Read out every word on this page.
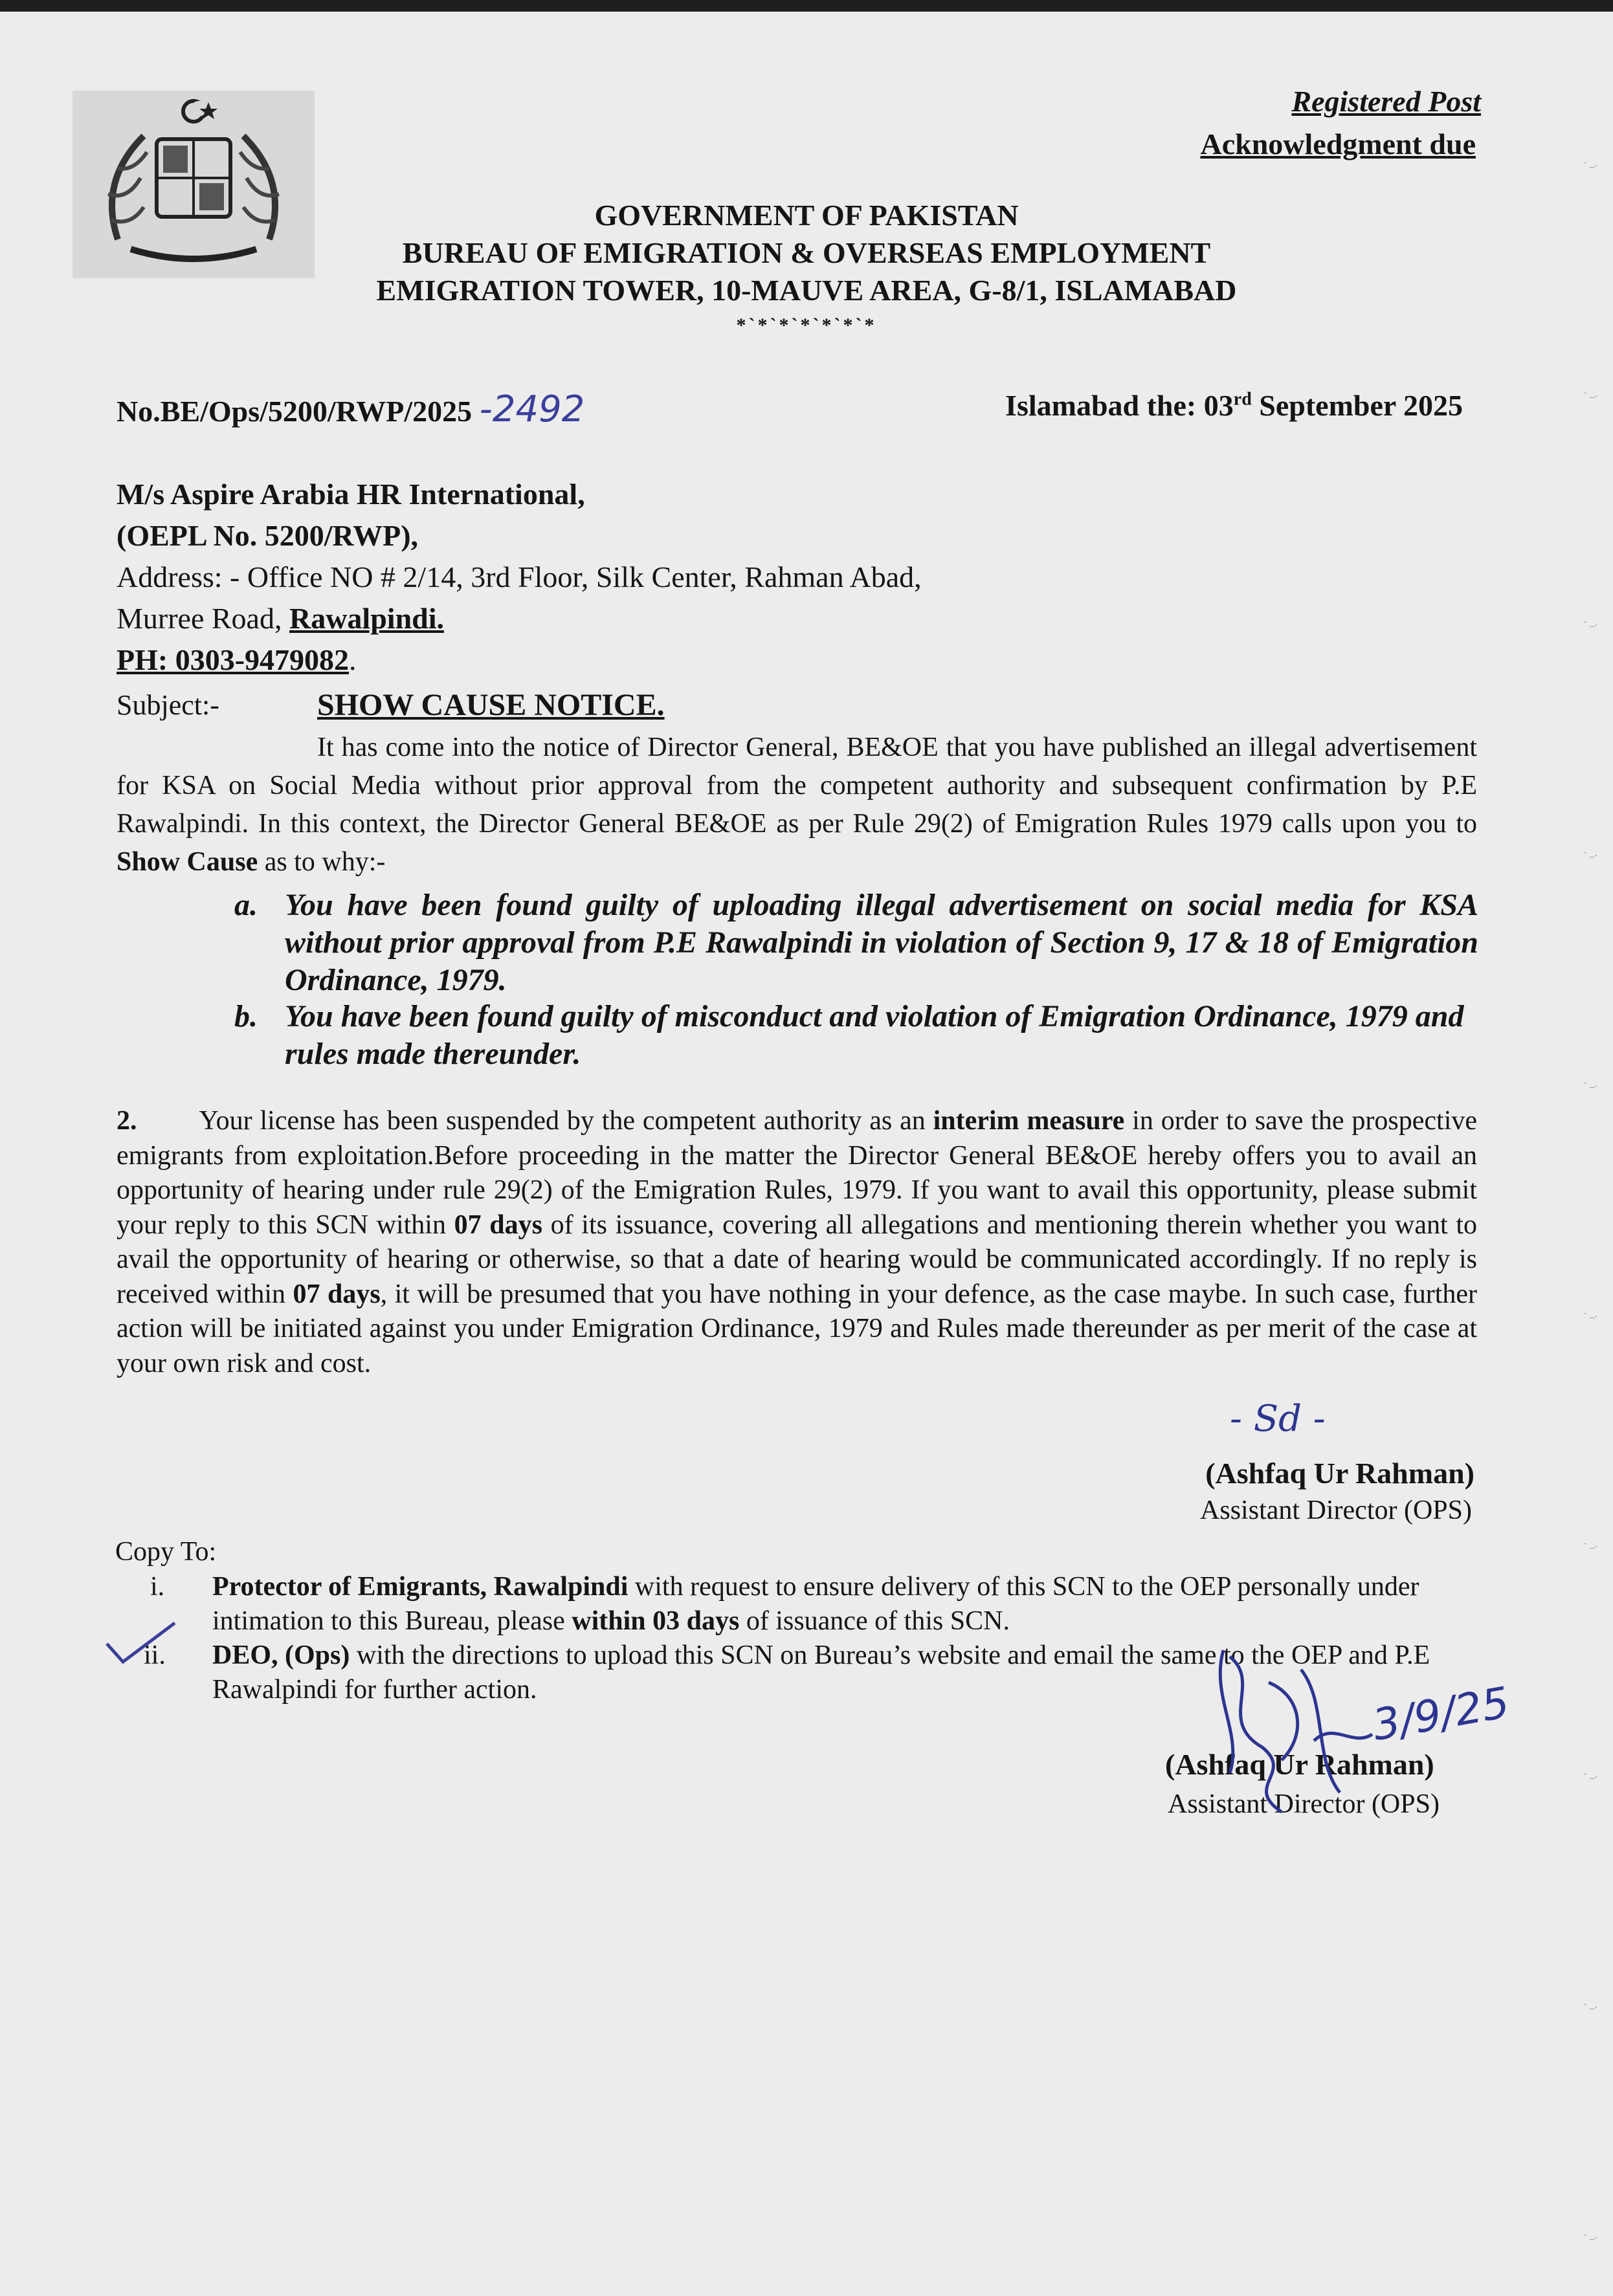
Registered Post
Acknowledgment due
GOVERNMENT OF PAKISTAN
BUREAU OF EMIGRATION & OVERSEAS EMPLOYMENT
EMIGRATION TOWER, 10-MAUVE AREA, G-8/1, ISLAMABAD
*`*`*`*`*`*`*
No.BE/Ops/5200/RWP/2025 -2492	Islamabad the: 03rd September 2025
M/s Aspire Arabia HR International,
(OEPL No. 5200/RWP),
Address: - Office NO # 2/14, 3rd Floor, Silk Center, Rahman Abad,
Murree Road, Rawalpindi.
PH: 0303-9479082.
Subject:-	SHOW CAUSE NOTICE.
It has come into the notice of Director General, BE&OE that you have published an illegal advertisement for KSA on Social Media without prior approval from the competent authority and subsequent confirmation by P.E Rawalpindi. In this context, the Director General BE&OE as per Rule 29(2) of Emigration Rules 1979 calls upon you to Show Cause as to why:-
a. You have been found guilty of uploading illegal advertisement on social media for KSA without prior approval from P.E Rawalpindi in violation of Section 9, 17 & 18 of Emigration Ordinance, 1979.
b. You have been found guilty of misconduct and violation of Emigration Ordinance, 1979 and rules made thereunder.
2. Your license has been suspended by the competent authority as an interim measure in order to save the prospective emigrants from exploitation.Before proceeding in the matter the Director General BE&OE hereby offers you to avail an opportunity of hearing under rule 29(2) of the Emigration Rules, 1979. If you want to avail this opportunity, please submit your reply to this SCN within 07 days of its issuance, covering all allegations and mentioning therein whether you want to avail the opportunity of hearing or otherwise, so that a date of hearing would be communicated accordingly. If no reply is received within 07 days, it will be presumed that you have nothing in your defence, as the case maybe. In such case, further action will be initiated against you under Emigration Ordinance, 1979 and Rules made thereunder as per merit of the case at your own risk and cost.
- Sd -
(Ashfaq Ur Rahman)
Assistant Director (OPS)
Copy To:
i. Protector of Emigrants, Rawalpindi with request to ensure delivery of this SCN to the OEP personally under intimation to this Bureau, please within 03 days of issuance of this SCN.
ii. DEO, (Ops) with the directions to upload this SCN on Bureau’s website and email the same to the OEP and P.E Rawalpindi for further action.
(Ashfaq Ur Rahman)
Assistant Director (OPS)
3/9/25
· _.
· _.
· _.
· _.
· _.
· _.
· _.
· _.
· _.
· _.
